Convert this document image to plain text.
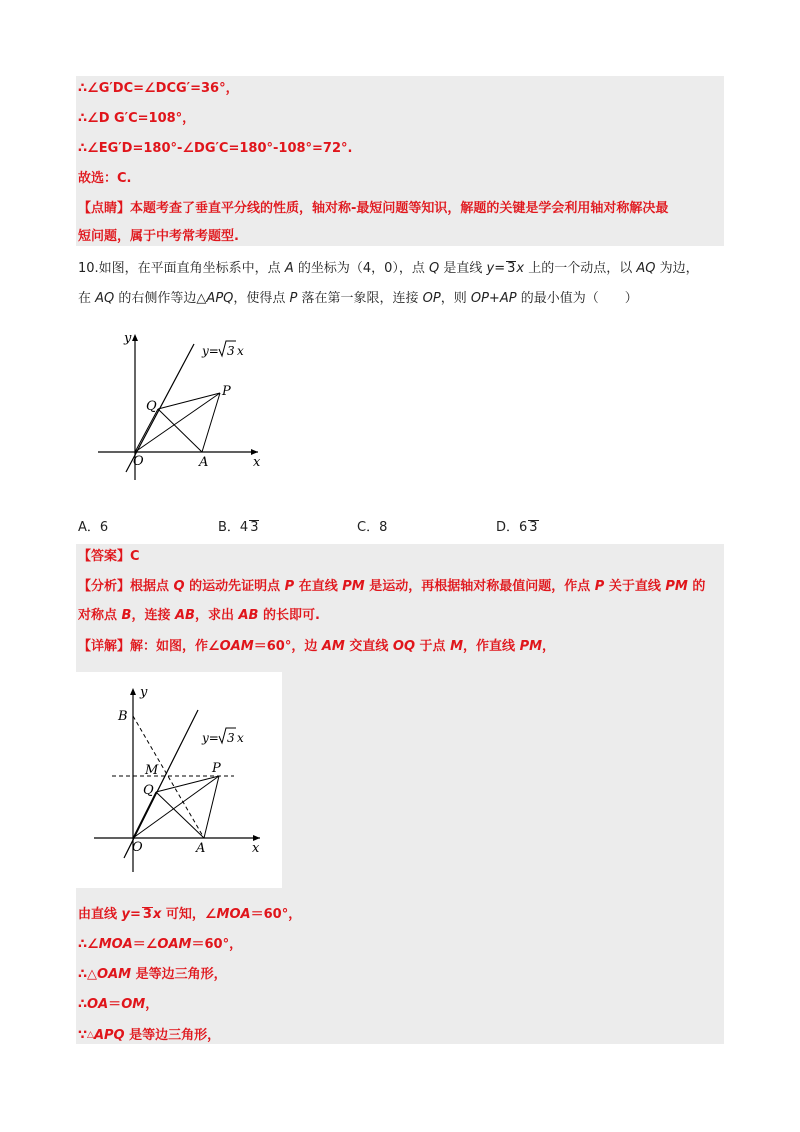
∴∠G′DC=∠DCG′=36°，
∴∠D G′C=108°，
∴∠EG′D=180°-∠DG′C=180°-108°=72°.
故选：C.
【点睛】本题考查了垂直平分线的性质，轴对称-最短问题等知识，解题的关键是学会利用轴对称解决最
短问题，属于中考常考题型.
10.如图，在平面直角坐标系中，点 A 的坐标为（4，0），点 Q 是直线 y= 3x 上的一个动点，以 AQ 为边，
在 AQ 的右侧作等边△APQ，使得点 P 落在第一象限，连接 OP，则 OP+AP 的最小值为（　　）
y
x
O	A
Q
P
y= 3 x
A．6	B．4 3	C．8	D．6 3
【答案】C
【分析】根据点 Q 的运动先证明点 P 在直线 PM 是运动，再根据轴对称最值问题，作点 P 关于直线 PM 的
对称点 B，连接 AB，求出 AB 的长即可.
【详解】解：如图，作∠OAM＝60°，边 AM 交直线 OQ 于点 M，作直线 PM，
y
x
O	A
B
M
Q
P
y= 3 x
由直线 y= 3x 可知，∠MOA＝60°，
∴∠MOA＝∠OAM＝60°，
∴△OAM 是等边三角形，
∴OA＝OM，
∵△APQ 是等边三角形，
